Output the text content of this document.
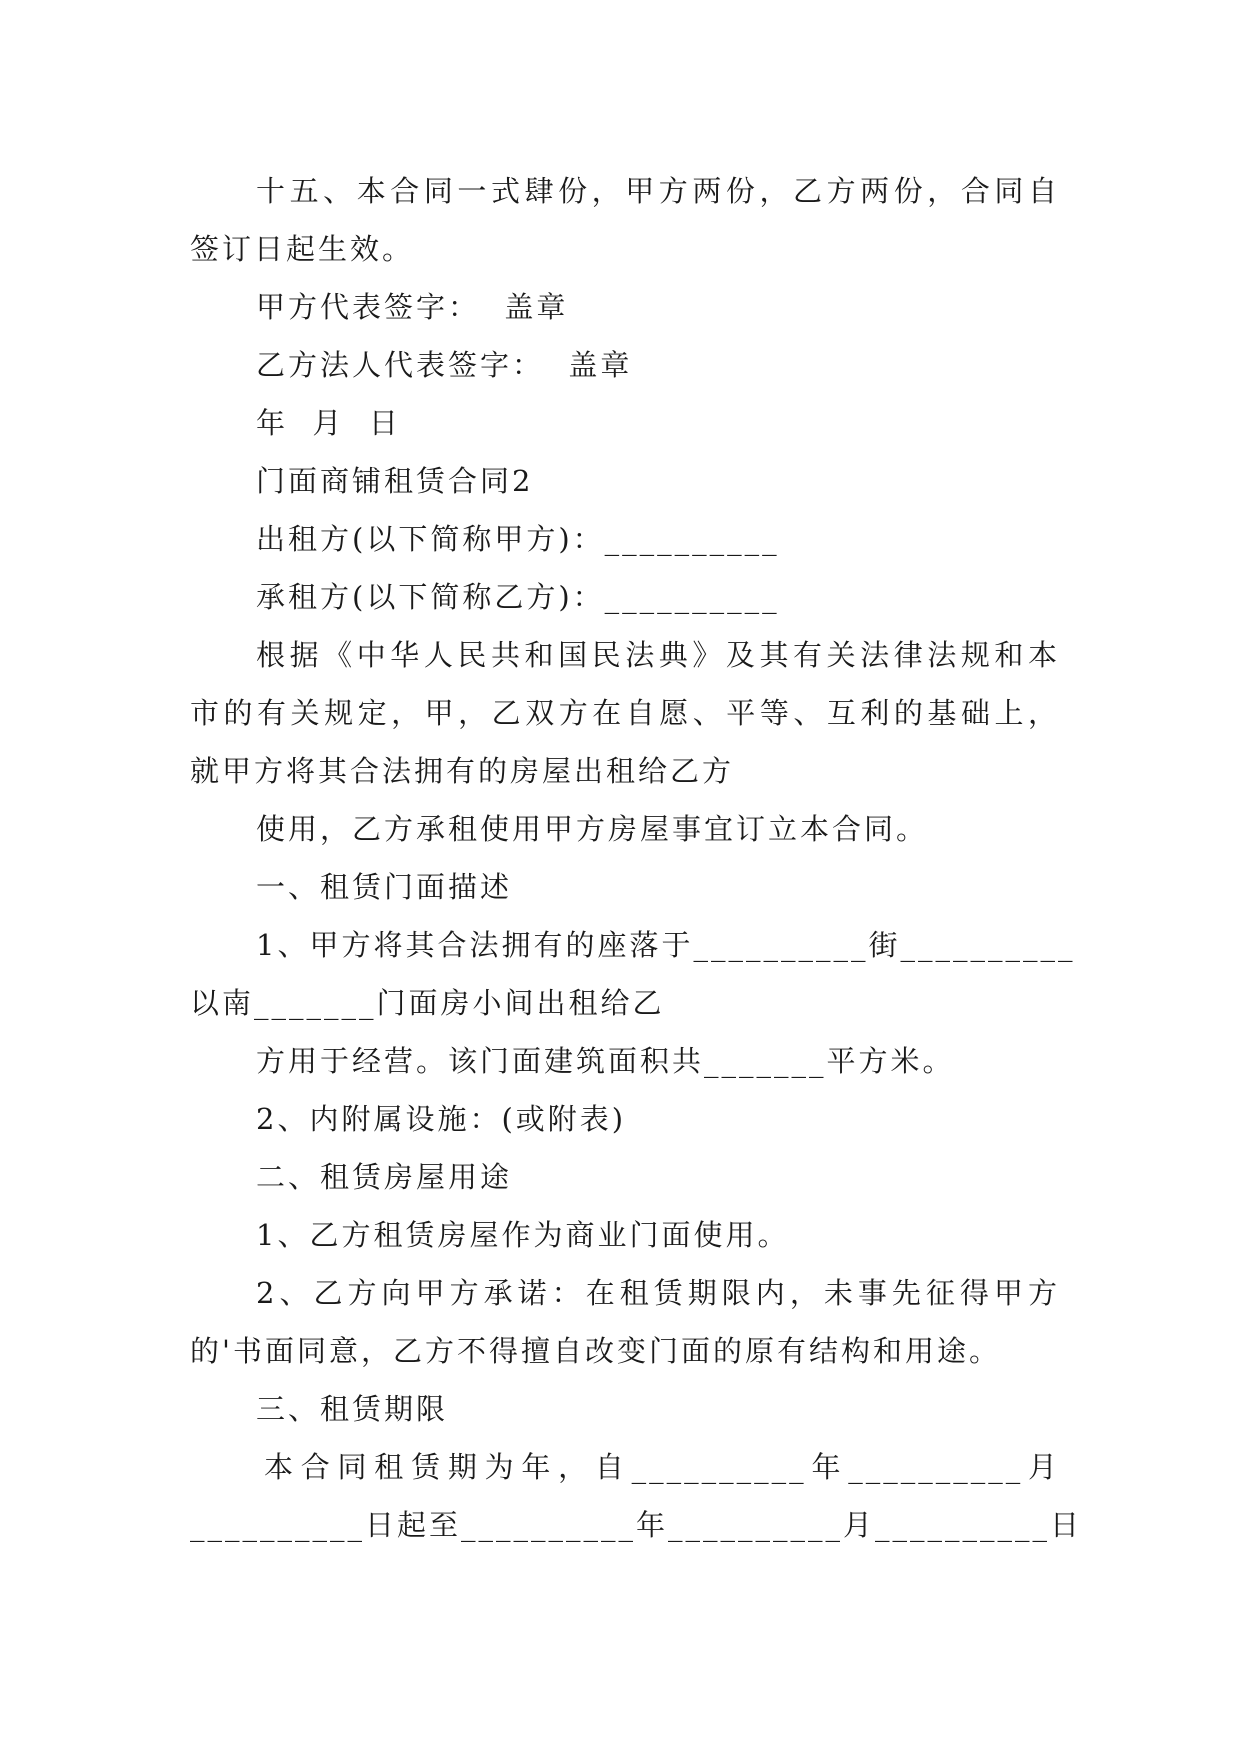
十五、本合同一式肆份，甲方两份，乙方两份，合同自

签订日起生效。

甲方代表签字：  盖章

乙方法人代表签字：  盖章

年  月  日

门面商铺租赁合同2

出租方(以下简称甲方)：__________

承租方(以下简称乙方)：__________

根据《中华人民共和国民法典》及其有关法律法规和本

市的有关规定，甲，乙双方在自愿、平等、互利的基础上，

就甲方将其合法拥有的房屋出租给乙方

使用，乙方承租使用甲方房屋事宜订立本合同。

一、租赁门面描述

1、甲方将其合法拥有的座落于__________街__________

以南_______门面房小间出租给乙

方用于经营。该门面建筑面积共_______平方米。

2、内附属设施：(或附表)

二、租赁房屋用途

1、乙方租赁房屋作为商业门面使用。

2、乙方向甲方承诺：在租赁期限内，未事先征得甲方

的'书面同意，乙方不得擅自改变门面的原有结构和用途。

三、租赁期限

本合同租赁期为年，自__________年__________月

__________日起至__________年__________月__________日
